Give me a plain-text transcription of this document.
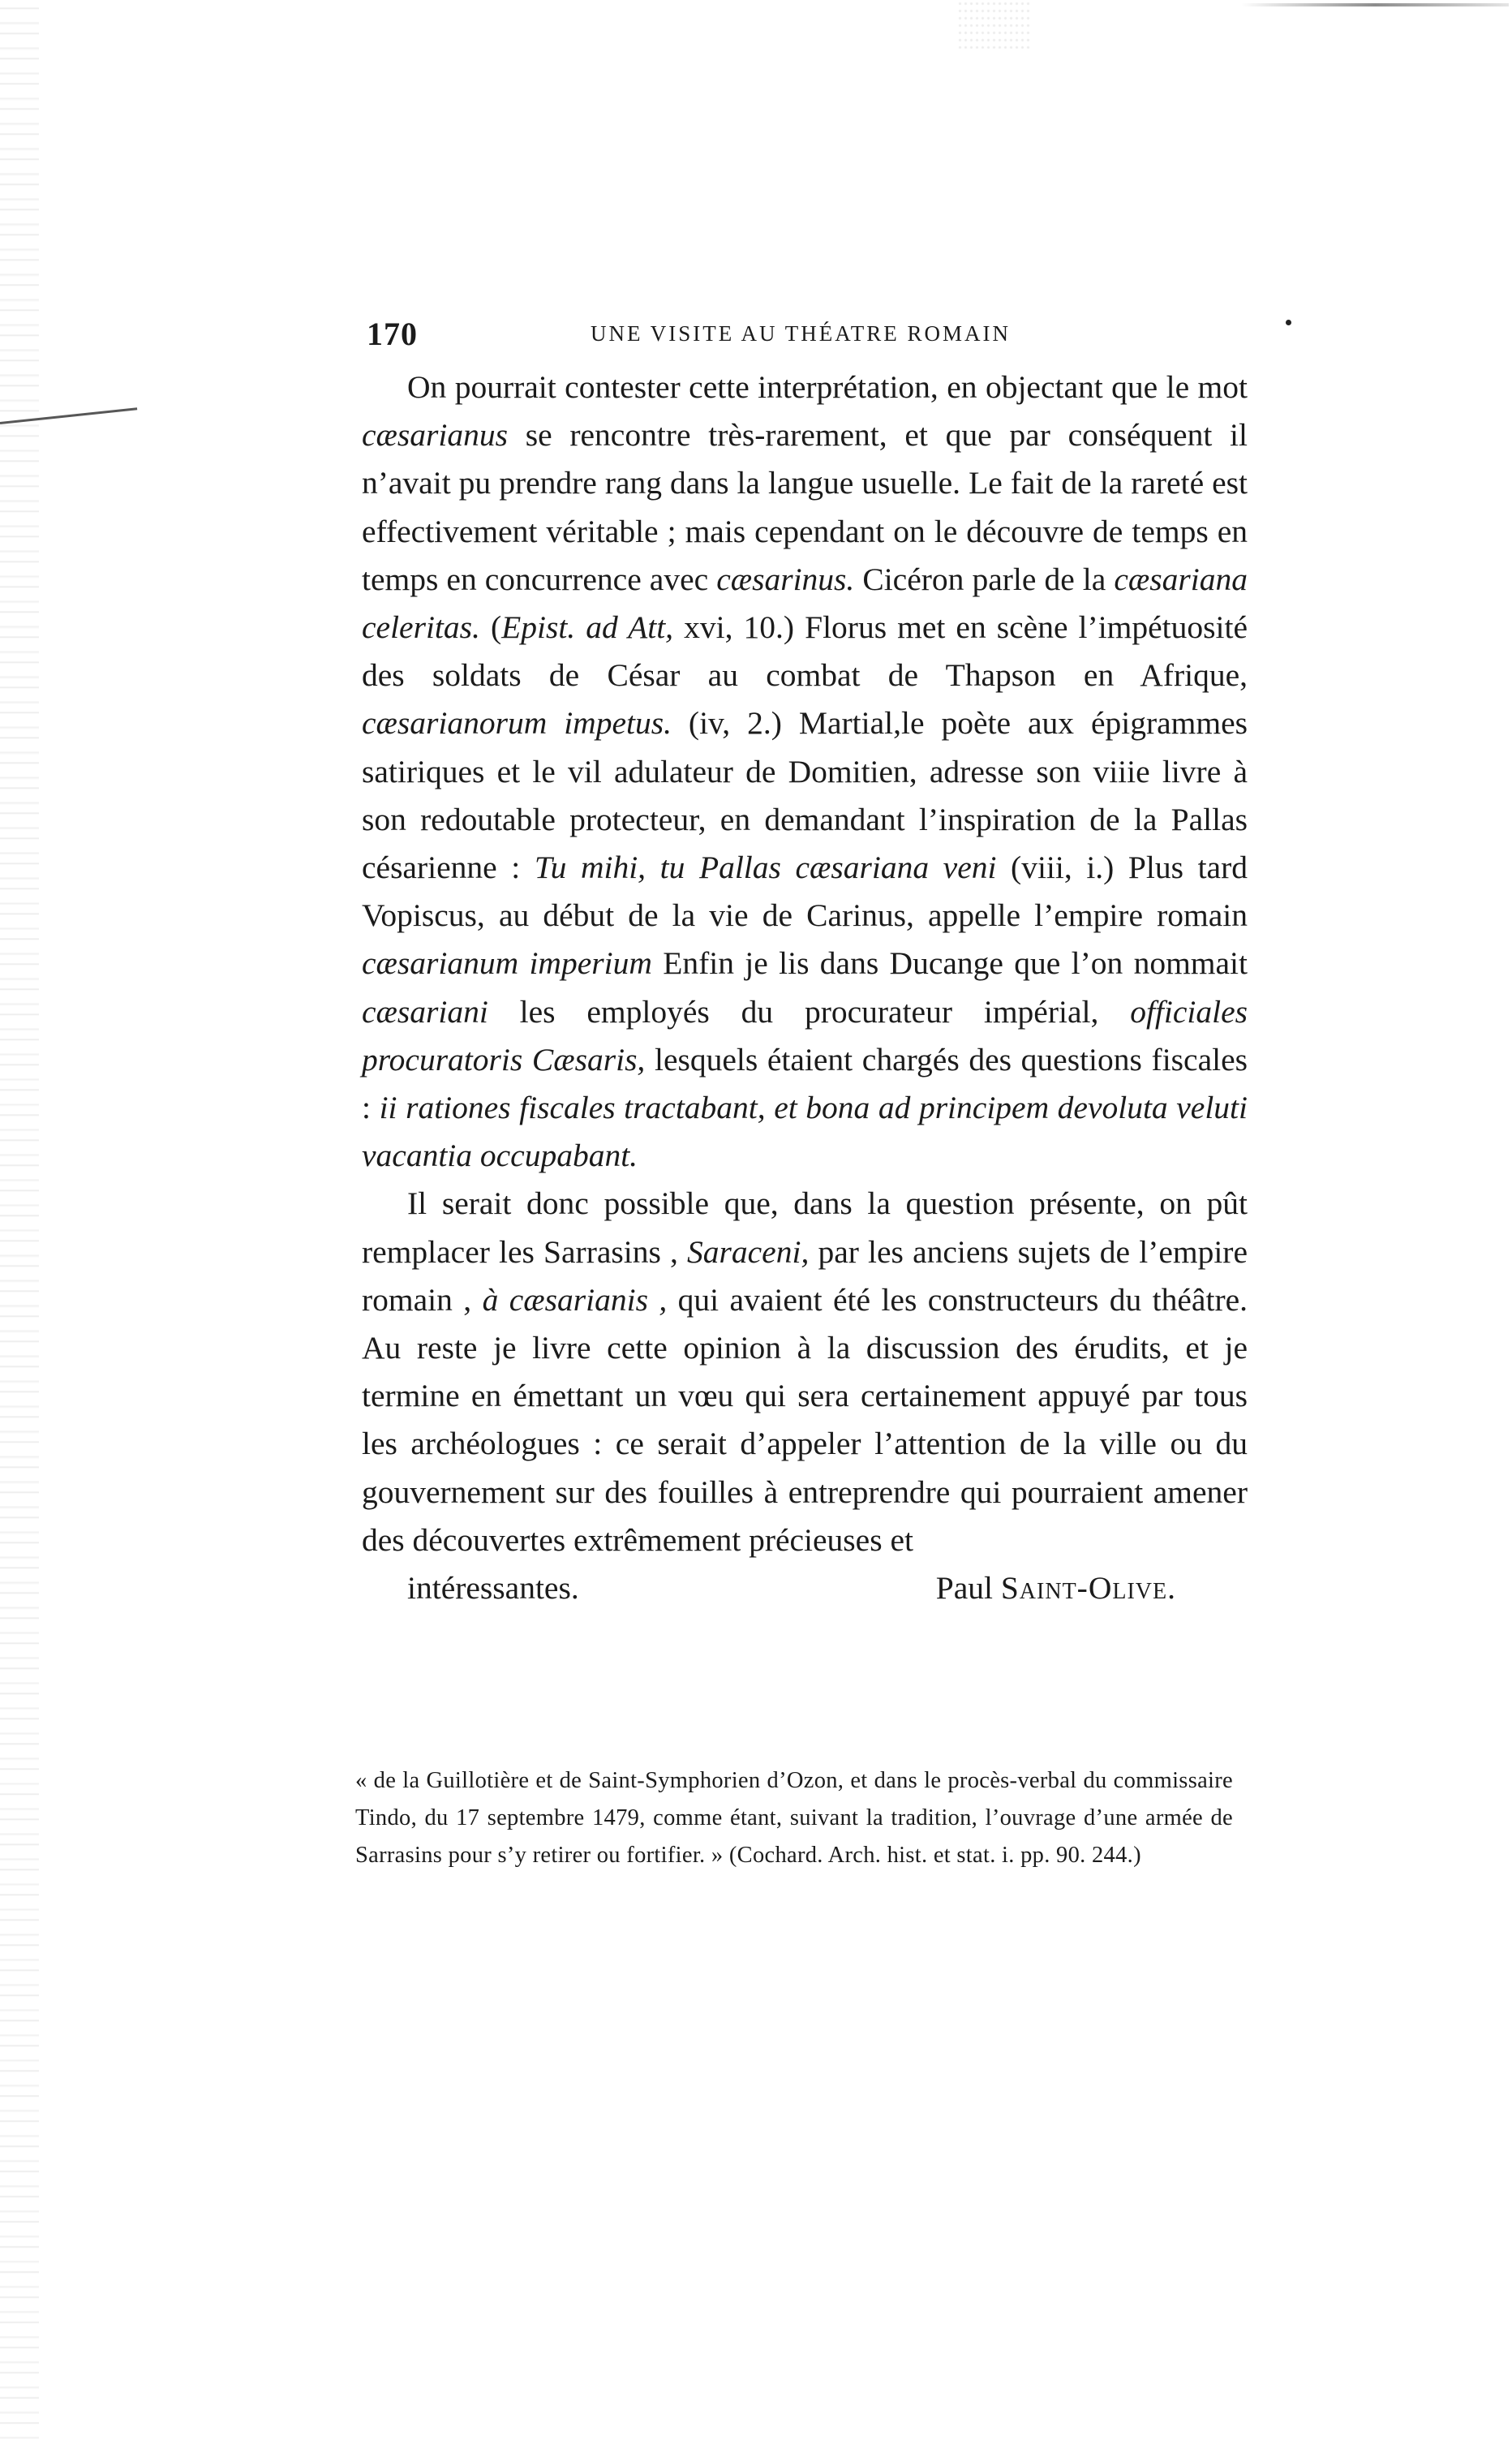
170	UNE VISITE AU THÉATRE ROMAIN

On pourrait contester cette interprétation, en objectant que le mot cæsarianus se rencontre très-rarement, et que par conséquent il n’avait pu prendre rang dans la langue usuelle. Le fait de la rareté est effectivement véritable ; mais cependant on le découvre de temps en temps en concurrence avec cæsarinus. Cicéron parle de la cæsariana celeritas. (Epist. ad Att, xvi, 10.) Florus met en scène l’impétuosité des soldats de César au combat de Thapson en Afrique, cæsarianorum impetus. (iv, 2.) Martial,le poète aux épigrammes satiriques et le vil adulateur de Domitien, adresse son viiie livre à son redoutable protecteur, en demandant l’inspiration de la Pallas césarienne : Tu mihi, tu Pallas cæsariana veni (viii, i.) Plus tard Vopiscus, au début de la vie de Carinus, appelle l’empire romain cæsarianum imperium Enfin je lis dans Ducange que l’on nommait cæsariani les employés du procurateur impérial, officiales procuratoris Cæsaris, lesquels étaient chargés des questions fiscales : ii rationes fiscales tractabant, et bona ad principem devoluta veluti vacantia occupabant.

Il serait donc possible que, dans la question présente, on pût remplacer les Sarrasins , Saraceni, par les anciens sujets de l’empire romain , à cæsarianis , qui avaient été les constructeurs du théâtre. Au reste je livre cette opinion à la discussion des érudits, et je termine en émettant un vœu qui sera certainement appuyé par tous les archéologues : ce serait d’appeler l’attention de la ville ou du gouvernement sur des fouilles à entreprendre qui pourraient amener des découvertes extrêmement précieuses et

intéressantes.	Paul Saint-Olive.

« de la Guillotière et de Saint-Symphorien d’Ozon, et dans le procès-verbal du commissaire Tindo, du 17 septembre 1479, comme étant, suivant la tradition, l’ouvrage d’une armée de Sarrasins pour s’y retirer ou fortifier. » (Cochard. Arch. hist. et stat. i. pp. 90. 244.)
